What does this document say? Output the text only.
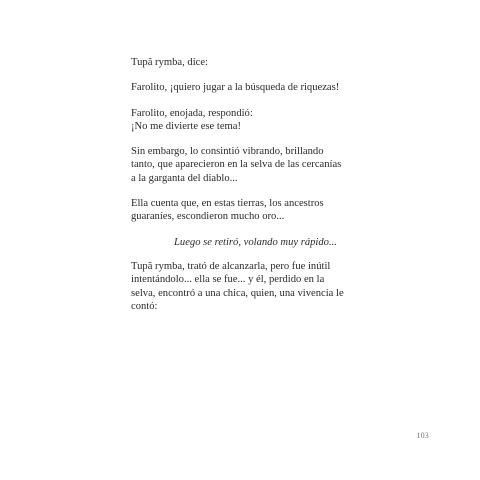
Tupã rymba, dice:

Farolito, ¡quiero jugar a la búsqueda de riquezas!

Farolito, enojada, respondió:
¡No me divierte ese tema!

Sin embargo, lo consintió vibrando, brillando
tanto, que aparecieron en la selva de las cercanías
a la garganta del diablo...

Ella cuenta que, en estas tierras, los ancestros
guaraníes, escondieron mucho oro...

Luego se retiró, volando muy rápido...

Tupã rymba, trató de alcanzarla, pero fue inútil
intentándolo... ella se fue... y él, perdido en la
selva, encontró a una chica, quien, una vivencia le
contó:

103
